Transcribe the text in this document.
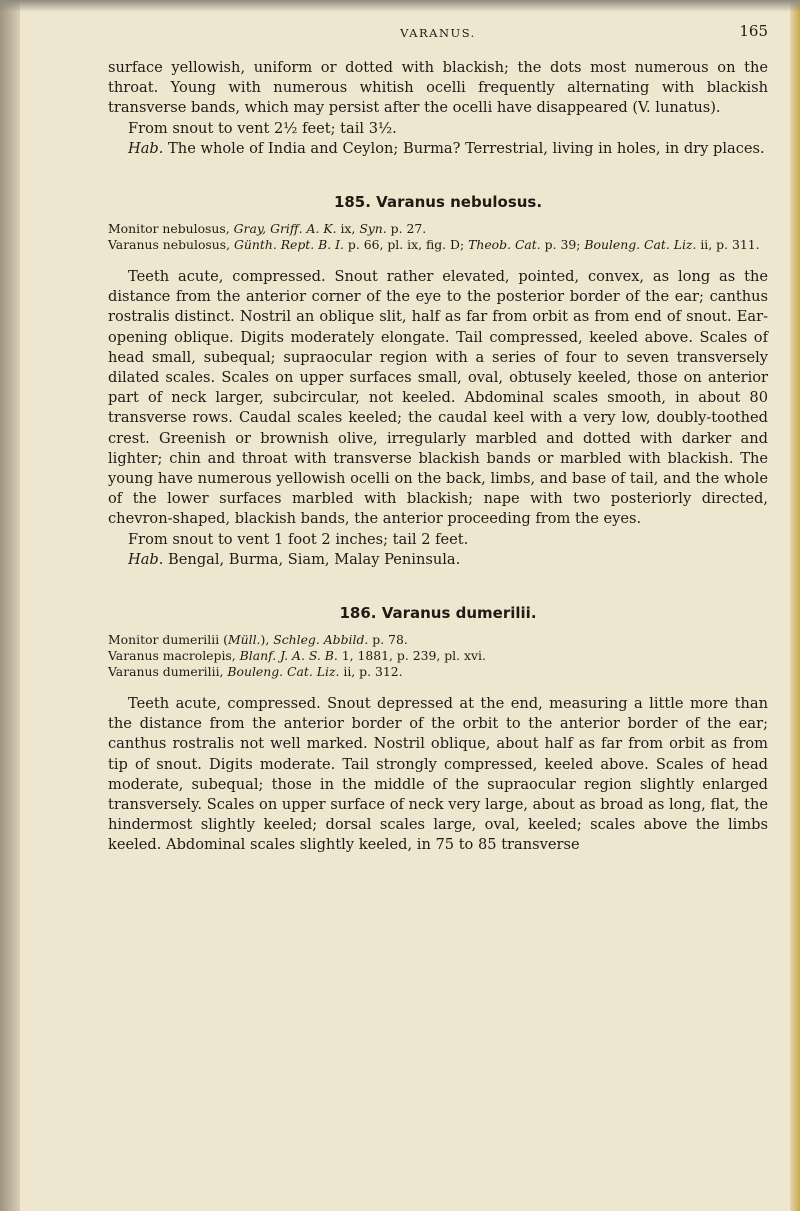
VARANUS.	165

surface yellowish, uniform or dotted with blackish; the dots most numerous on the throat. Young with numerous whitish ocelli frequently alternating with blackish transverse bands, which may persist after the ocelli have disappeared (V. lunatus).

From snout to vent 2½ feet; tail 3½.

Hab. The whole of India and Ceylon; Burma? Terrestrial, living in holes, in dry places.

185. Varanus nebulosus.

Monitor nebulosus, Gray, Griff. A. K. ix, Syn. p. 27.

Varanus nebulosus, Günth. Rept. B. I. p. 66, pl. ix, fig. D; Theob. Cat. p. 39; Bouleng. Cat. Liz. ii, p. 311.

Teeth acute, compressed. Snout rather elevated, pointed, convex, as long as the distance from the anterior corner of the eye to the posterior border of the ear; canthus rostralis distinct. Nostril an oblique slit, half as far from orbit as from end of snout. Ear-opening oblique. Digits moderately elongate. Tail compressed, keeled above. Scales of head small, subequal; supraocular region with a series of four to seven transversely dilated scales. Scales on upper surfaces small, oval, obtusely keeled, those on anterior part of neck larger, subcircular, not keeled. Abdominal scales smooth, in about 80 transverse rows. Caudal scales keeled; the caudal keel with a very low, doubly-toothed crest. Greenish or brownish olive, irregularly marbled and dotted with darker and lighter; chin and throat with transverse blackish bands or marbled with blackish. The young have numerous yellowish ocelli on the back, limbs, and base of tail, and the whole of the lower surfaces marbled with blackish; nape with two posteriorly directed, chevron-shaped, blackish bands, the anterior proceeding from the eyes.

From snout to vent 1 foot 2 inches; tail 2 feet.

Hab. Bengal, Burma, Siam, Malay Peninsula.

186. Varanus dumerilii.

Monitor dumerilii (Müll.), Schleg. Abbild. p. 78.

Varanus macrolepis, Blanf. J. A. S. B. 1, 1881, p. 239, pl. xvi.

Varanus dumerilii, Bouleng. Cat. Liz. ii, p. 312.

Teeth acute, compressed. Snout depressed at the end, measuring a little more than the distance from the anterior border of the orbit to the anterior border of the ear; canthus rostralis not well marked. Nostril oblique, about half as far from orbit as from tip of snout. Digits moderate. Tail strongly compressed, keeled above. Scales of head moderate, subequal; those in the middle of the supraocular region slightly enlarged transversely. Scales on upper surface of neck very large, about as broad as long, flat, the hindermost slightly keeled; dorsal scales large, oval, keeled; scales above the limbs keeled. Abdominal scales slightly keeled, in 75 to 85 transverse
